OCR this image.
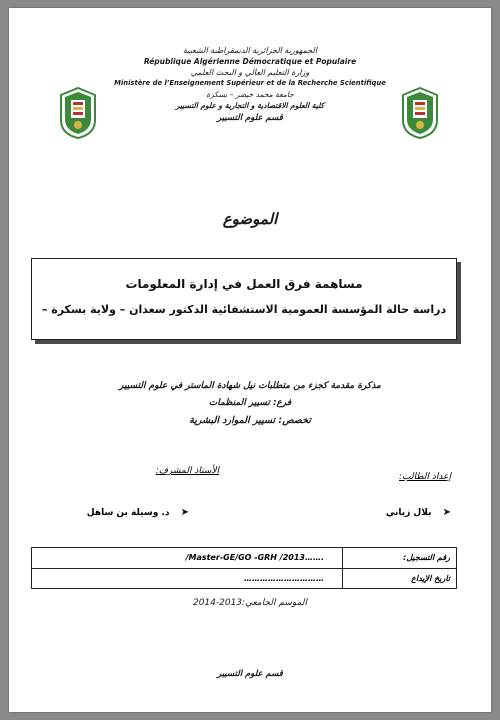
الجمهورية الجزائرية الديمقراطية الشعبية
République Algérienne Démocratique et Populaire
وزارة التعليم العالي و البحث العلمي
Ministère de l’Enseignement Supérieur et de la Recherche Scientifique
جامعة محمد خيضر – بسكرة
كلية العلوم الاقتصادية و التجارية و علوم التسيير
قسم علوم التسيير
الموضوع
مساهمة فرق العمل في إدارة المعلومات
دراسة حالة المؤسسة العمومية الاستشفائية الدكتور سعدان – ولاية بسكرة –
مذكرة مقدمة كجزء من متطلبات نيل شهادة الماستر في علوم التسيير
فرع: تسيير المنظمات
تخصص: تسيير الموارد البشرية
إعداد الطالب:
الأستاذ المشرف:
➤ بلال زياني
➤ د. وسيلة بن ساهل
رقم التسجيل:
/Master-GE/GO -GRH /2013…….
تاريخ الإيداع
…………………………
الموسم الجامعي:2013-2014
قسم علوم التسيير
